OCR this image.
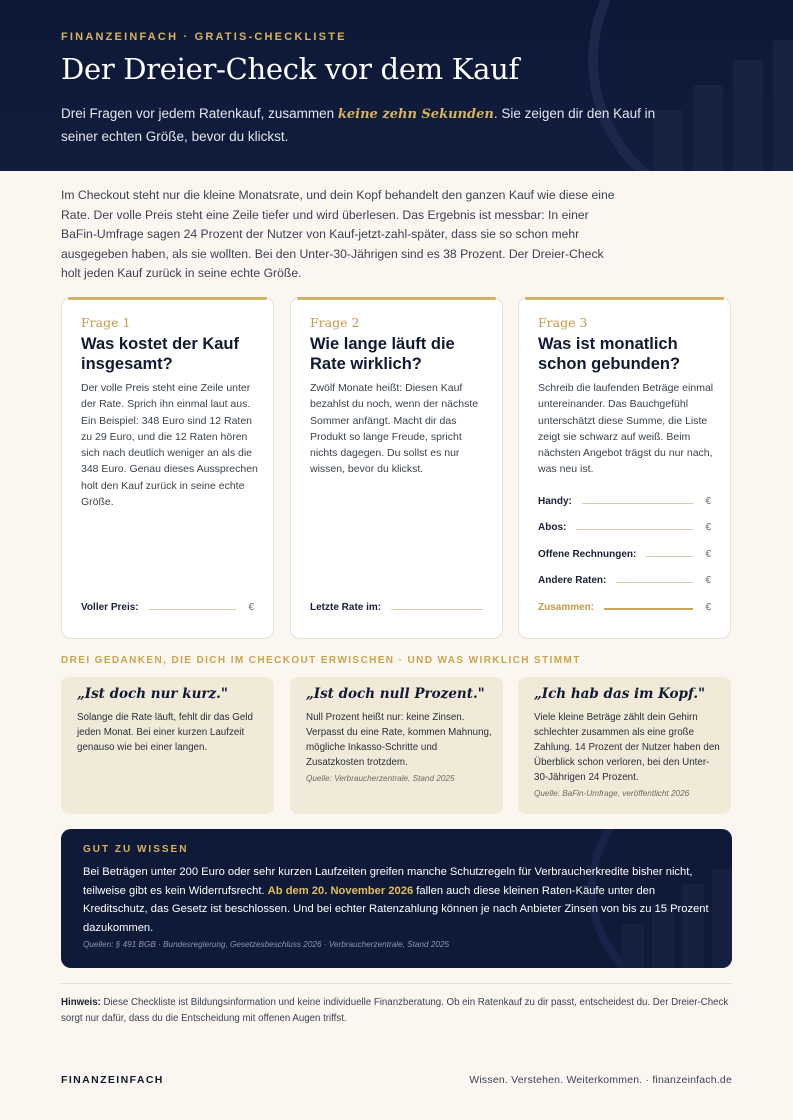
FINANZEINFACH · GRATIS-CHECKLISTE
Der Dreier-Check vor dem Kauf

Drei Fragen vor jedem Ratenkauf, zusammen keine zehn Sekunden. Sie zeigen dir den Kauf in seiner echten Größe, bevor du klickst.

Im Checkout steht nur die kleine Monatsrate, und dein Kopf behandelt den ganzen Kauf wie diese eine Rate. Der volle Preis steht eine Zeile tiefer und wird überlesen. Das Ergebnis ist messbar: In einer BaFin-Umfrage sagen 24 Prozent der Nutzer von Kauf-jetzt-zahl-später, dass sie so schon mehr ausgegeben haben, als sie wollten. Bei den Unter-30-Jährigen sind es 38 Prozent. Der Dreier-Check holt jeden Kauf zurück in seine echte Größe.

Frage 1
Was kostet der Kauf insgesamt?

Der volle Preis steht eine Zeile unter der Rate. Sprich ihn einmal laut aus. Ein Beispiel: 348 Euro sind 12 Raten zu 29 Euro, und die 12 Raten hören sich nach deutlich weniger an als die 348 Euro. Genau dieses Aussprechen holt den Kauf zurück in seine echte Größe.

Voller Preis:	€
Frage 2
Wie lange läuft die Rate wirklich?

Zwölf Monate heißt: Diesen Kauf bezahlst du noch, wenn der nächste Sommer anfängt. Macht dir das Produkt so lange Freude, spricht nichts dagegen. Du sollst es nur wissen, bevor du klickst.

Letzte Rate im:
Frage 3
Was ist monatlich schon gebunden?

Schreib die laufenden Beträge einmal untereinander. Das Bauchgefühl unterschätzt diese Summe, die Liste zeigt sie schwarz auf weiß. Beim nächsten Angebot trägst du nur nach, was neu ist.

Handy:	€
Abos:	€
Offene Rechnungen:	€
Andere Raten:	€
Zusammen:	€
DREI GEDANKEN, DIE DICH IM CHECKOUT ERWISCHEN · UND WAS WIRKLICH STIMMT
„Ist doch nur kurz."

Solange die Rate läuft, fehlt dir das Geld jeden Monat. Bei einer kurzen Laufzeit genauso wie bei einer langen.

„Ist doch null Prozent."

Null Prozent heißt nur: keine Zinsen. Verpasst du eine Rate, kommen Mahnung, mögliche Inkasso-Schritte und Zusatzkosten trotzdem.

Quelle: Verbraucherzentrale, Stand 2025
„Ich hab das im Kopf."

Viele kleine Beträge zählt dein Gehirn schlechter zusammen als eine große Zahlung. 14 Prozent der Nutzer haben den Überblick schon verloren, bei den Unter-30-Jährigen 24 Prozent.

Quelle: BaFin-Umfrage, veröffentlicht 2026
GUT ZU WISSEN

Bei Beträgen unter 200 Euro oder sehr kurzen Laufzeiten greifen manche Schutzregeln für Verbraucherkredite bisher nicht, teilweise gibt es kein Widerrufsrecht. Ab dem 20. November 2026 fallen auch diese kleinen Raten-Käufe unter den Kreditschutz, das Gesetz ist beschlossen. Und bei echter Ratenzahlung können je nach Anbieter Zinsen von bis zu 15 Prozent dazukommen.

Quellen: § 491 BGB · Bundesregierung, Gesetzesbeschluss 2026 · Verbraucherzentrale, Stand 2025

Hinweis: Diese Checkliste ist Bildungsinformation und keine individuelle Finanzberatung. Ob ein Ratenkauf zu dir passt, entscheidest du. Der Dreier-Check sorgt nur dafür, dass du die Entscheidung mit offenen Augen triffst.

FINANZEINFACH	Wissen. Verstehen. Weiterkommen. · finanzeinfach.de
